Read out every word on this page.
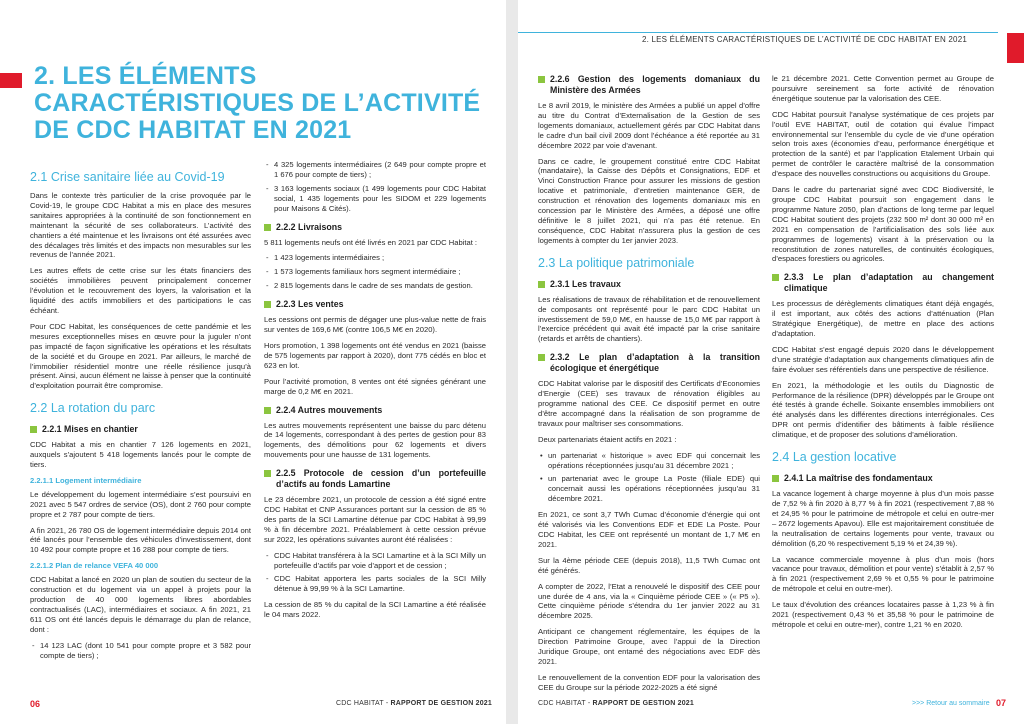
2. LES ÉLÉMENTS CARACTÉRISTIQUES DE L’ACTIVITÉ DE CDC HABITAT EN 2021
2.1 Crise sanitaire liée au Covid-19

Dans le contexte très particulier de la crise provoquée par le Covid-19, le groupe CDC Habitat a mis en place des mesures sanitaires appropriées à la continuité de son fonctionnement en maintenant la sécurité de ses collaborateurs. L’activité des chantiers a été maintenue et les livraisons ont été assurées avec des décalages très limités et des impacts non mesurables sur les revenus de l’année 2021.

Les autres effets de cette crise sur les états financiers des sociétés immobilières peuvent principalement concerner l’évolution et le recouvrement des loyers, la valorisation et la liquidité des actifs immobiliers et des participations le cas échéant.

Pour CDC Habitat, les conséquences de cette pandémie et les mesures exceptionnelles mises en œuvre pour la juguler n’ont pas impacté de façon significative les opérations et les résultats de la société et du Groupe en 2021. Par ailleurs, le marché de l’immobilier résidentiel montre une réelle résilience jusqu’à présent. Ainsi, aucun élément ne laisse à penser que la continuité d’exploitation pourrait être compromise.

2.2 La rotation du parc
2.2.1 Mises en chantier

CDC Habitat a mis en chantier 7 126 logements en 2021, auxquels s’ajoutent 5 418 logements lancés pour le compte de tiers.

2.2.1.1 Logement intermédiaire

Le développement du logement intermédiaire s’est poursuivi en 2021 avec 5 547 ordres de service (OS), dont 2 760 pour compte propre et 2 787 pour compte de tiers.

A fin 2021, 26 780 OS de logement intermédiaire depuis 2014 ont été lancés pour l’ensemble des véhicules d’investissement, dont 10 492 pour compte propre et 16 288 pour compte de tiers.

2.2.1.2 Plan de relance VEFA 40 000

CDC Habitat a lancé en 2020 un plan de soutien du secteur de la construction et du logement via un appel à projets pour la production de 40 000 logements libres abordables contractualisés (LAC), intermédiaires et sociaux. A fin 2021, 21 611 OS ont été lancés depuis le démarrage du plan de relance, dont :

- 14 123 LAC (dont 10 541 pour compte propre et 3 582 pour compte de tiers) ;
- 4 325 logements intermédiaires (2 649 pour compte propre et 1 676 pour compte de tiers) ;
- 3 163 logements sociaux (1 499 logements pour CDC Habitat social, 1 435 logements pour les SIDOM et 229 logements pour Maisons & Cités).
2.2.2 Livraisons

5 811 logements neufs ont été livrés en 2021 par CDC Habitat :

- 1 423 logements intermédiaires ;
- 1 573 logements familiaux hors segment intermédiaire ;
- 2 815 logements dans le cadre de ses mandats de gestion.
2.2.3 Les ventes

Les cessions ont permis de dégager une plus-value nette de frais sur ventes de 169,6 M€ (contre 106,5 M€ en 2020).

Hors promotion, 1 398 logements ont été vendus en 2021 (baisse de 575 logements par rapport à 2020), dont 775 cédés en bloc et 623 en lot.

Pour l’activité promotion, 8 ventes ont été signées générant une marge de 0,2 M€ en 2021.

2.2.4 Autres mouvements

Les autres mouvements représentent une baisse du parc détenu de 14 logements, correspondant à des pertes de gestion pour 83 logements, des démolitions pour 62 logements et divers mouvements pour une hausse de 131 logements.

2.2.5 Protocole de cession d’un portefeuille d’actifs au fonds Lamartine

Le 23 décembre 2021, un protocole de cession a été signé entre CDC Habitat et CNP Assurances portant sur la cession de 85 % des parts de la SCI Lamartine détenue par CDC Habitat à 99,99 % à fin décembre 2021. Préalablement à cette cession prévue sur 2022, les opérations suivantes auront été réalisées :

- CDC Habitat transférera à la SCI Lamartine et à la SCI Milly un portefeuille d’actifs par voie d’apport et de cession ;
- CDC Habitat apportera les parts sociales de la SCI Milly détenue à 99,99 % à la SCI Lamartine.

La cession de 85 % du capital de la SCI Lamartine a été réalisée le 04 mars 2022.

06	CDC HABITAT - RAPPORT DE GESTION 2021
2. LES ÉLÉMENTS CARACTÉRISTIQUES DE L’ACTIVITÉ DE CDC HABITAT EN 2021
2.2.6 Gestion des logements domaniaux du Ministère des Armées

Le 8 avril 2019, le ministère des Armées a publié un appel d’offre au titre du Contrat d’Externalisation de la Gestion de ses logements domaniaux, actuellement gérés par CDC Habitat dans le cadre d’un bail civil 2009 dont l’échéance a été reportée au 31 décembre 2022 par voie d’avenant.

Dans ce cadre, le groupement constitué entre CDC Habitat (mandataire), la Caisse des Dépôts et Consignations, EDF et Vinci Construction France pour assurer les missions de gestion locative et patrimoniale, d’entretien maintenance GER, de construction et rénovation des logements domaniaux mis en concession par le Ministère des Armées, a déposé une offre définitive le 8 juillet 2021, qui n’a pas été retenue. En conséquence, CDC Habitat n’assurera plus la gestion de ces logements à compter du 1er janvier 2023.

2.3 La politique patrimoniale
2.3.1 Les travaux

Les réalisations de travaux de réhabilitation et de renouvellement de composants ont représenté pour le parc CDC Habitat un investissement de 59,0 M€, en hausse de 15,0 M€ par rapport à l’exercice précédent qui avait été impacté par la crise sanitaire (retards et arrêts de chantiers).

2.3.2 Le plan d’adaptation à la transition écologique et énergétique

CDC Habitat valorise par le dispositif des Certificats d’Economies d’Energie (CEE) ses travaux de rénovation éligibles au programme national des CEE. Ce dispositif permet en outre d’être accompagné dans la réalisation de son programme de travaux pour maîtriser ses consommations.

Deux partenariats étaient actifs en 2021 :

• un partenariat « historique » avec EDF qui concernait les opérations réceptionnées jusqu’au 31 décembre 2021 ;
• un partenariat avec le groupe La Poste (filiale EDE) qui concernait aussi les opérations réceptionnées jusqu’au 31 décembre 2021.

En 2021, ce sont 3,7 TWh Cumac d’économie d’énergie qui ont été valorisés via les Conventions EDF et EDE La Poste. Pour CDC Habitat, les CEE ont représenté un montant de 1,7 M€ en 2021.

Sur la 4ème période CEE (depuis 2018), 11,5 TWh Cumac ont été générés.

A compter de 2022, l’Etat a renouvelé le dispositif des CEE pour une durée de 4 ans, via la « Cinquième période CEE » (« P5 »). Cette cinquième période s’étendra du 1er janvier 2022 au 31 décembre 2025.

Anticipant ce changement réglementaire, les équipes de la Direction Patrimoine Groupe, avec l’appui de la Direction Juridique Groupe, ont entamé des négociations avec EDF dès 2021.

Le renouvellement de la convention EDF pour la valorisation des CEE du Groupe sur la période 2022-2025 a été signé

le 21 décembre 2021. Cette Convention permet au Groupe de poursuivre sereinement sa forte activité de rénovation énergétique soutenue par la valorisation des CEE.

CDC Habitat poursuit l’analyse systématique de ces projets par l’outil EVE HABITAT, outil de cotation qui évalue l’impact environnemental sur l’ensemble du cycle de vie d’une opération selon trois axes (économies d’eau, performance énergétique et protection de la santé) et par l’application Etalement Urbain qui permet de contrôler le caractère maîtrisé de la consommation d’espace des nouvelles constructions ou acquisitions du Groupe.

Dans le cadre du partenariat signé avec CDC Biodiversité, le groupe CDC Habitat poursuit son engagement dans le programme Nature 2050, plan d’actions de long terme par lequel CDC Habitat soutient des projets (232 500 m² dont 30 000 m² en 2021 en compensation de l’artificialisation des sols liée aux programmes de logements) visant à la préservation ou la reconstitution de zones naturelles, de continuités écologiques, d’espaces forestiers ou agricoles.

2.3.3 Le plan d’adaptation au changement climatique

Les processus de dérèglements climatiques étant déjà engagés, il est important, aux côtés des actions d’atténuation (Plan Stratégique Energétique), de mettre en place des actions d’adaptation.

CDC Habitat s’est engagé depuis 2020 dans le développement d’une stratégie d’adaptation aux changements climatiques afin de faire évoluer ses référentiels dans une perspective de résilience.

En 2021, la méthodologie et les outils du Diagnostic de Performance de la résilience (DPR) développés par le Groupe ont été testés à grande échelle. Soixante ensembles immobiliers ont été analysés dans les différentes directions interrégionales. Ces DPR ont permis d’identifier des bâtiments à faible résilience climatique, et de proposer des solutions d’amélioration.

2.4 La gestion locative
2.4.1 La maîtrise des fondamentaux

La vacance logement à charge moyenne à plus d’un mois passe de 7,52 % à fin 2020 à 8,77 % à fin 2021 (respectivement 7,88 % et 24,95 % pour le patrimoine de métropole et celui en outre-mer – 2672 logements Apavou). Elle est majoritairement constituée de la neutralisation de certains logements pour vente, travaux ou démolition (6,20 % respectivement 5,19 % et 24,39 %).

La vacance commerciale moyenne à plus d’un mois (hors vacance pour travaux, démolition et pour vente) s’établit à 2,57 % à fin 2021 (respectivement 2,69 % et 0,55 % pour le patrimoine de métropole et celui en outre-mer).

Le taux d’évolution des créances locataires passe à 1,23 % à fin 2021 (respectivement 0,43 % et 35,58 % pour le patrimoine de métropole et celui en outre-mer), contre 1,21 % en 2020.

CDC HABITAT - RAPPORT DE GESTION 2021	>>> Retour au sommaire 07
